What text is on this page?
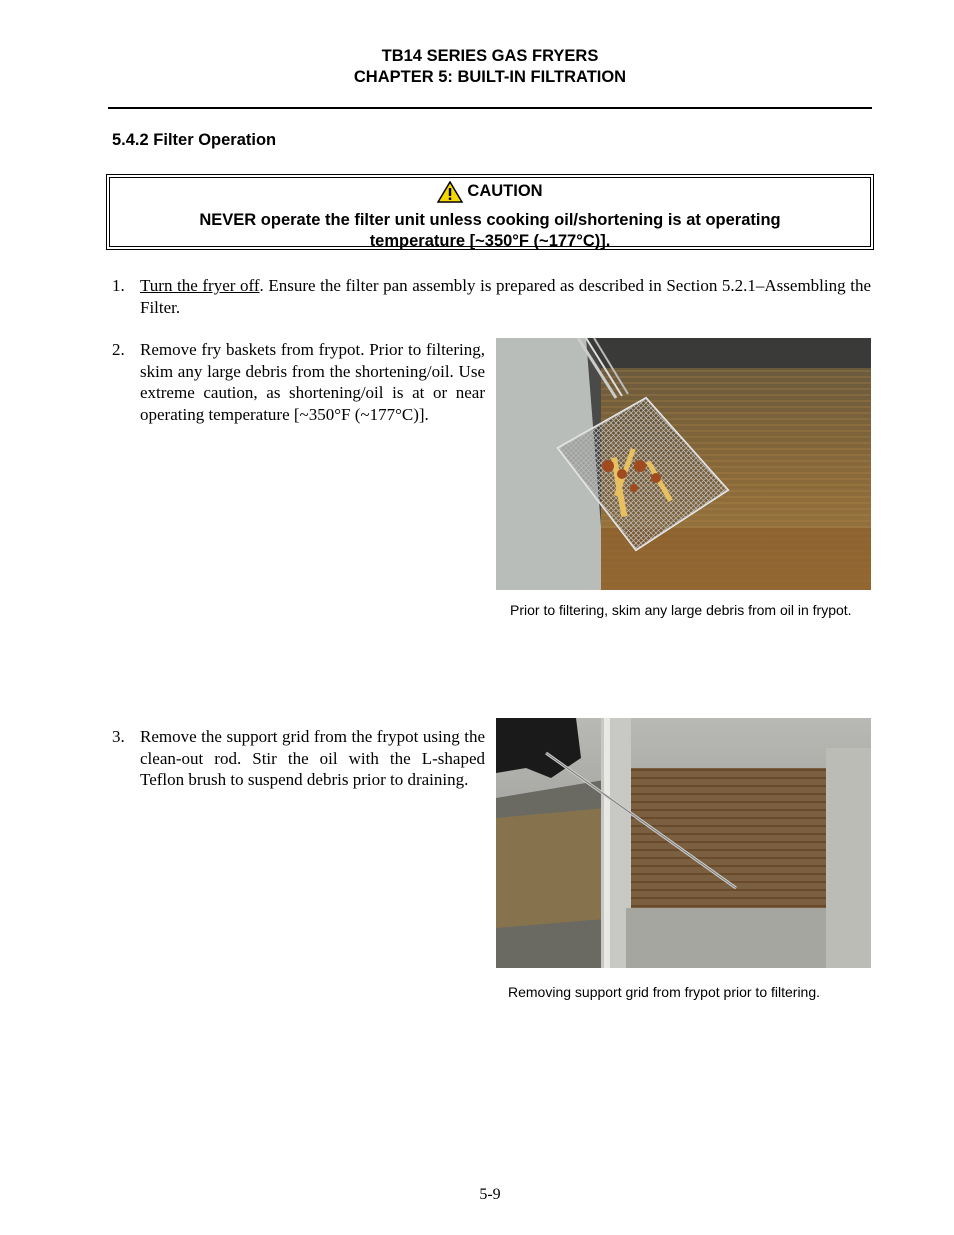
TB14 SERIES GAS FRYERS
CHAPTER 5: BUILT-IN FILTRATION
5.4.2 Filter Operation
CAUTION
NEVER operate the filter unit unless cooking oil/shortening is at operating
temperature [~350°F (~177°C)].
1. Turn the fryer off. Ensure the filter pan assembly is prepared as described in Section 5.2.1–Assembling the Filter.
2. Remove fry baskets from frypot. Prior to filtering, skim any large debris from the shortening/oil. Use extreme caution, as shortening/oil is at or near operating temperature [~350°F (~177°C)].
Prior to filtering, skim any large debris from oil in frypot.
3. Remove the support grid from the frypot using the clean-out rod. Stir the oil with the L-shaped Teflon brush to suspend debris prior to draining.
Removing support grid from frypot prior to filtering.
5-9
